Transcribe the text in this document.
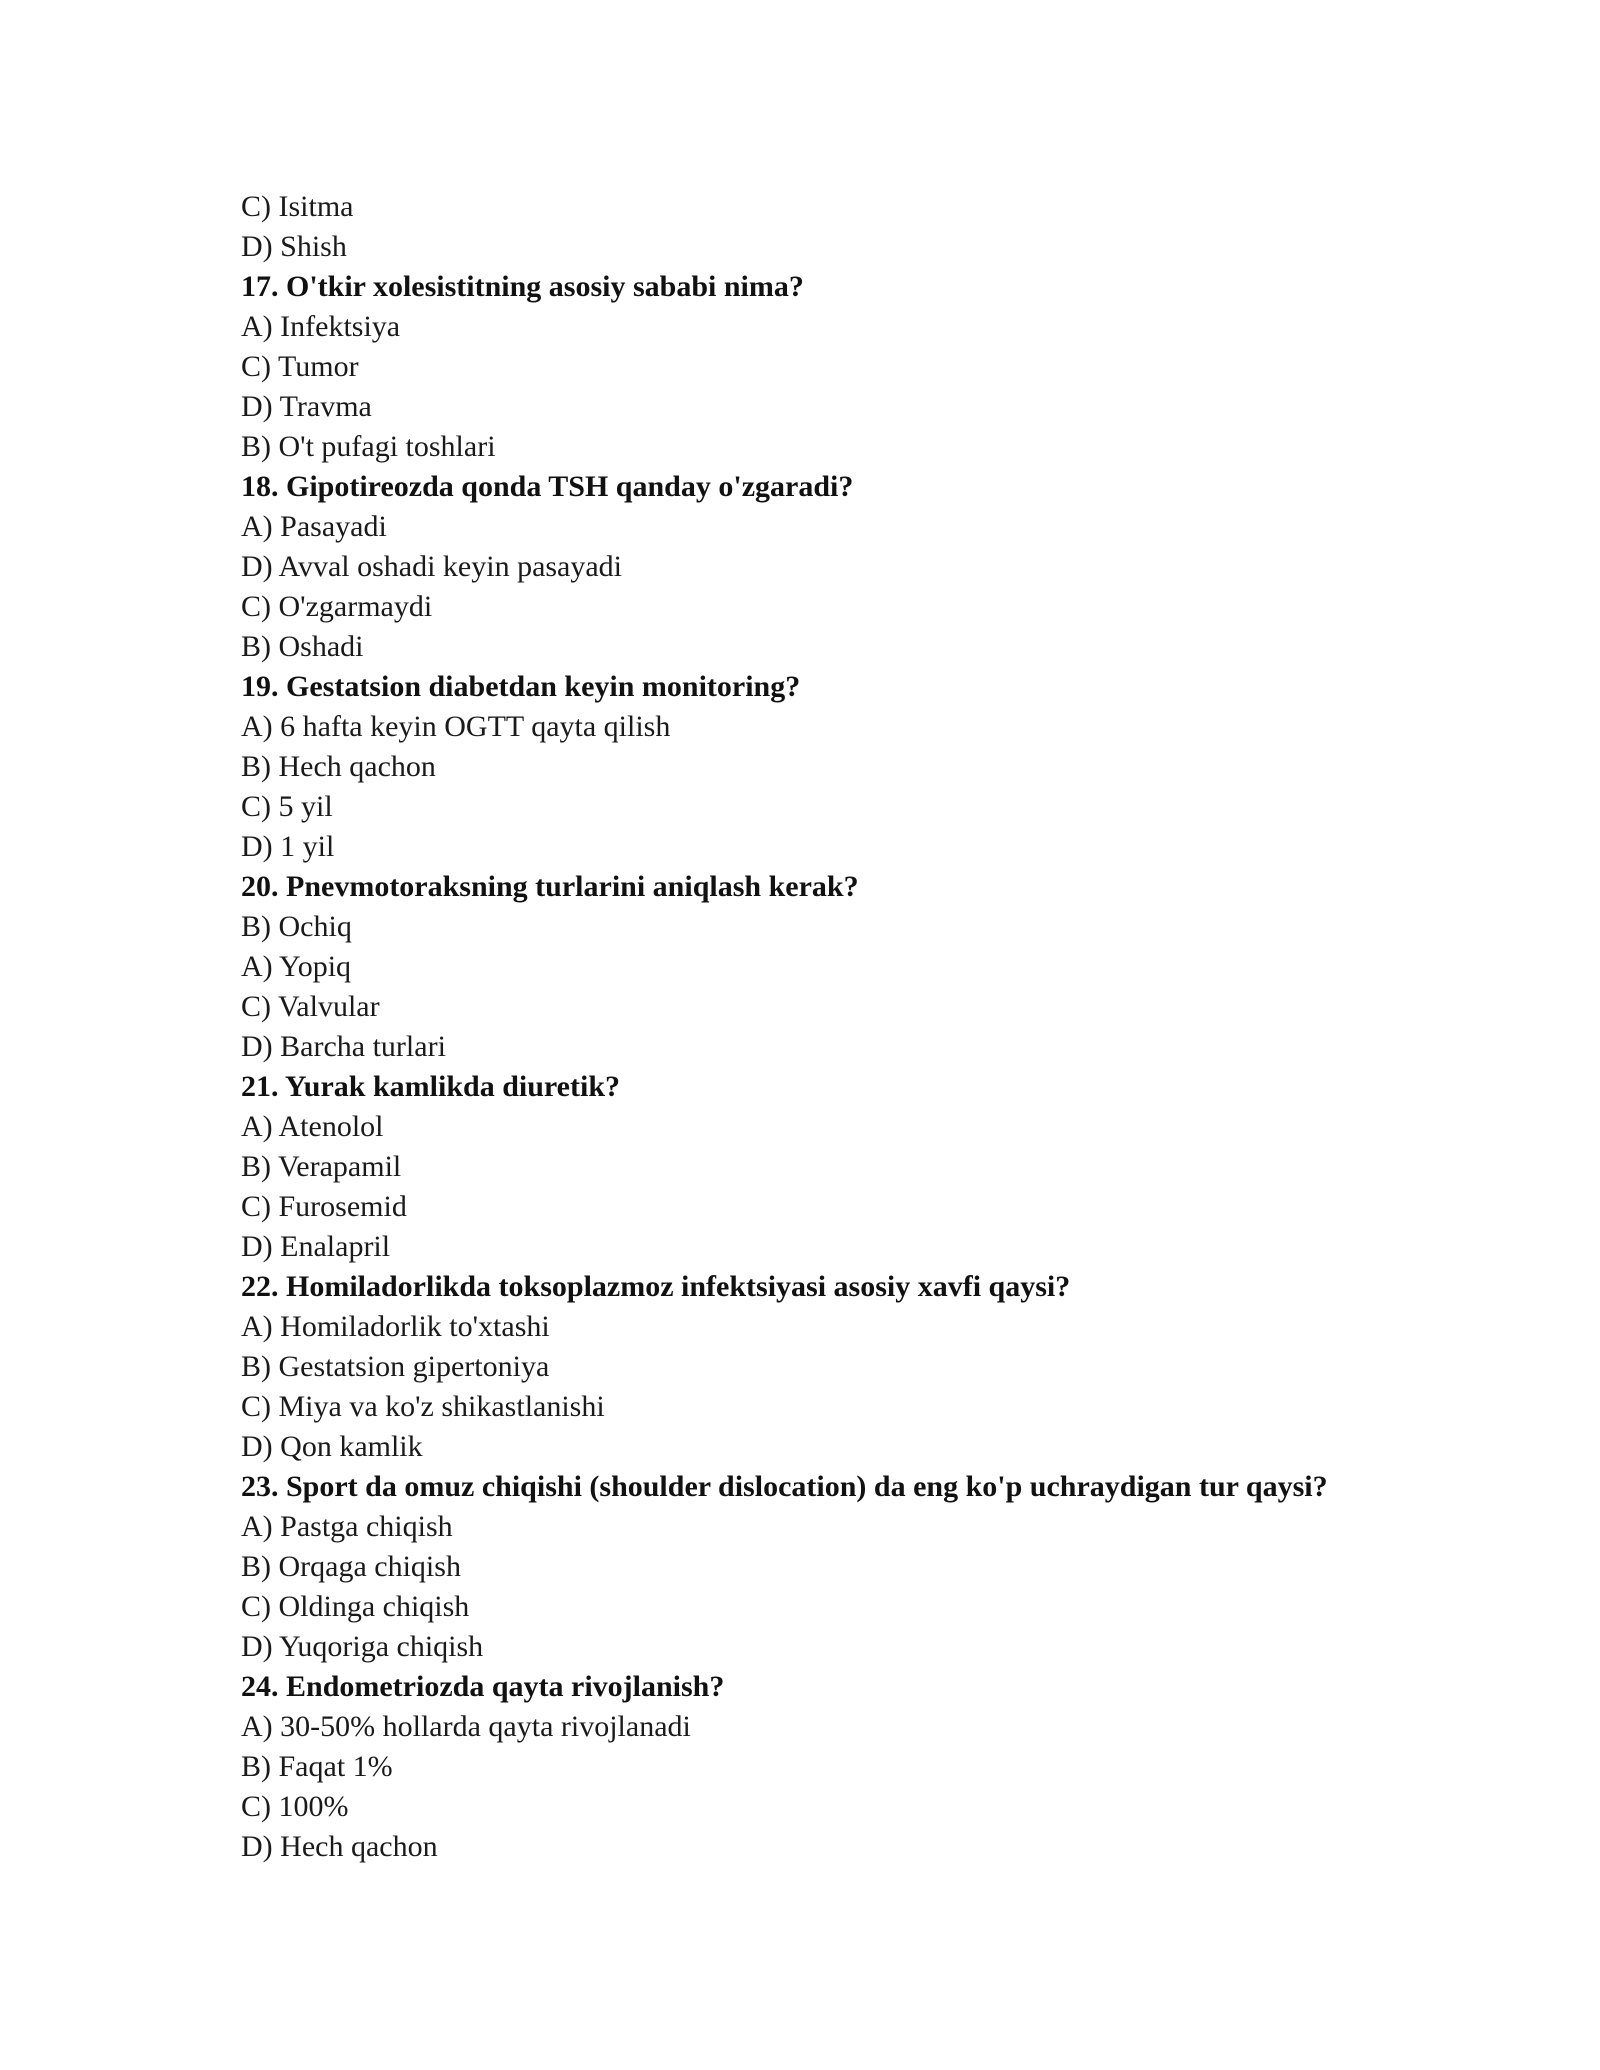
C) Isitma
D) Shish
17. O'tkir xolesistitning asosiy sababi nima?
A) Infektsiya
C) Tumor
D) Travma
B) O't pufagi toshlari
18. Gipotireozda qonda TSH qanday o'zgaradi?
A) Pasayadi
D) Avval oshadi keyin pasayadi
C) O'zgarmaydi
B) Oshadi
19. Gestatsion diabetdan keyin monitoring?
A) 6 hafta keyin OGTT qayta qilish
B) Hech qachon
C) 5 yil
D) 1 yil
20. Pnevmotoraksning turlarini aniqlash kerak?
B) Ochiq
A) Yopiq
C) Valvular
D) Barcha turlari
21. Yurak kamlikda diuretik?
A) Atenolol
B) Verapamil
C) Furosemid
D) Enalapril
22. Homiladorlikda toksoplazmoz infektsiyasi asosiy xavfi qaysi?
A) Homiladorlik to'xtashi
B) Gestatsion gipertoniya
C) Miya va ko'z shikastlanishi
D) Qon kamlik
23. Sport da omuz chiqishi (shoulder dislocation) da eng ko'p uchraydigan tur qaysi?
A) Pastga chiqish
B) Orqaga chiqish
C) Oldinga chiqish
D) Yuqoriga chiqish
24. Endometriozda qayta rivojlanish?
A) 30-50% hollarda qayta rivojlanadi
B) Faqat 1%
C) 100%
D) Hech qachon
